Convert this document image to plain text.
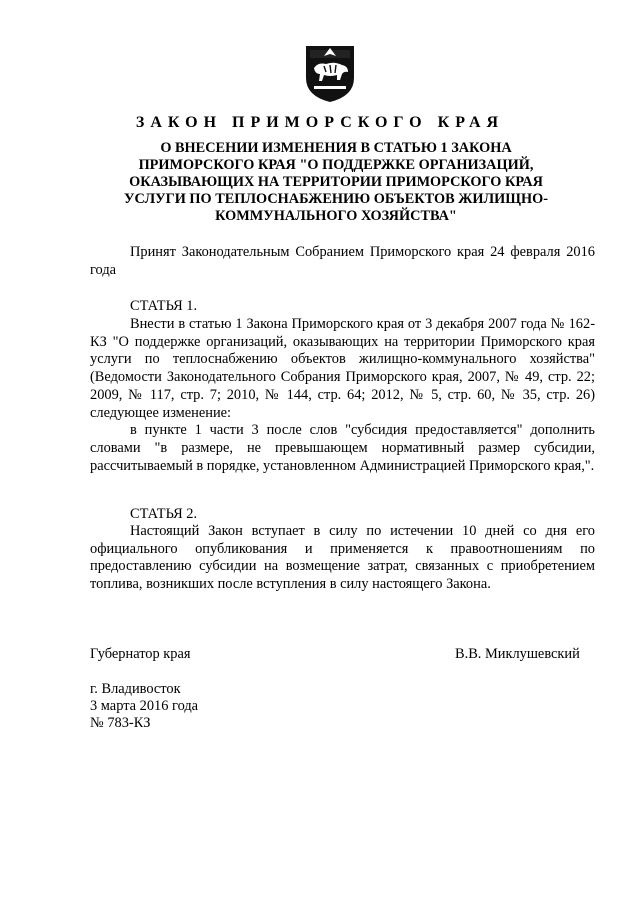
ЗАКОН ПРИМОРСКОГО КРАЯ
О ВНЕСЕНИИ ИЗМЕНЕНИЯ В СТАТЬЮ 1 ЗАКОНА ПРИМОРСКОГО КРАЯ "О ПОДДЕРЖКЕ ОРГАНИЗАЦИЙ, ОКАЗЫВАЮЩИХ НА ТЕРРИТОРИИ ПРИМОРСКОГО КРАЯ УСЛУГИ ПО ТЕПЛОСНАБЖЕНИЮ ОБЪЕКТОВ ЖИЛИЩНО-КОММУНАЛЬНОГО ХОЗЯЙСТВА"

Принят Законодательным Собранием Приморского края 24 февраля 2016 года

СТАТЬЯ 1.

Внести в статью 1 Закона Приморского края от 3 декабря 2007 года № 162-КЗ "О поддержке организаций, оказывающих на территории Приморского края услуги по теплоснабжению объектов жилищно-коммунального хозяйства" (Ведомости Законодательного Собрания Приморского края, 2007, № 49, стр. 22; 2009, № 117, стр. 7; 2010, № 144, стр. 64; 2012, № 5, стр. 60, № 35, стр. 26) следующее изменение:

в пункте 1 части 3 после слов "субсидия предоставляется" дополнить словами "в размере, не превышающем нормативный размер субсидии, рассчитываемый в порядке, установленном Администрацией Приморского края,".

СТАТЬЯ 2.

Настоящий Закон вступает в силу по истечении 10 дней со дня его официального опубликования и применяется к правоотношениям по предоставлению субсидии на возмещение затрат, связанных с приобретением топлива, возникших после вступления в силу настоящего Закона.

Губернатор края	В.В. Миклушевский
г. Владивосток
3 марта 2016 года
№ 783-КЗ
